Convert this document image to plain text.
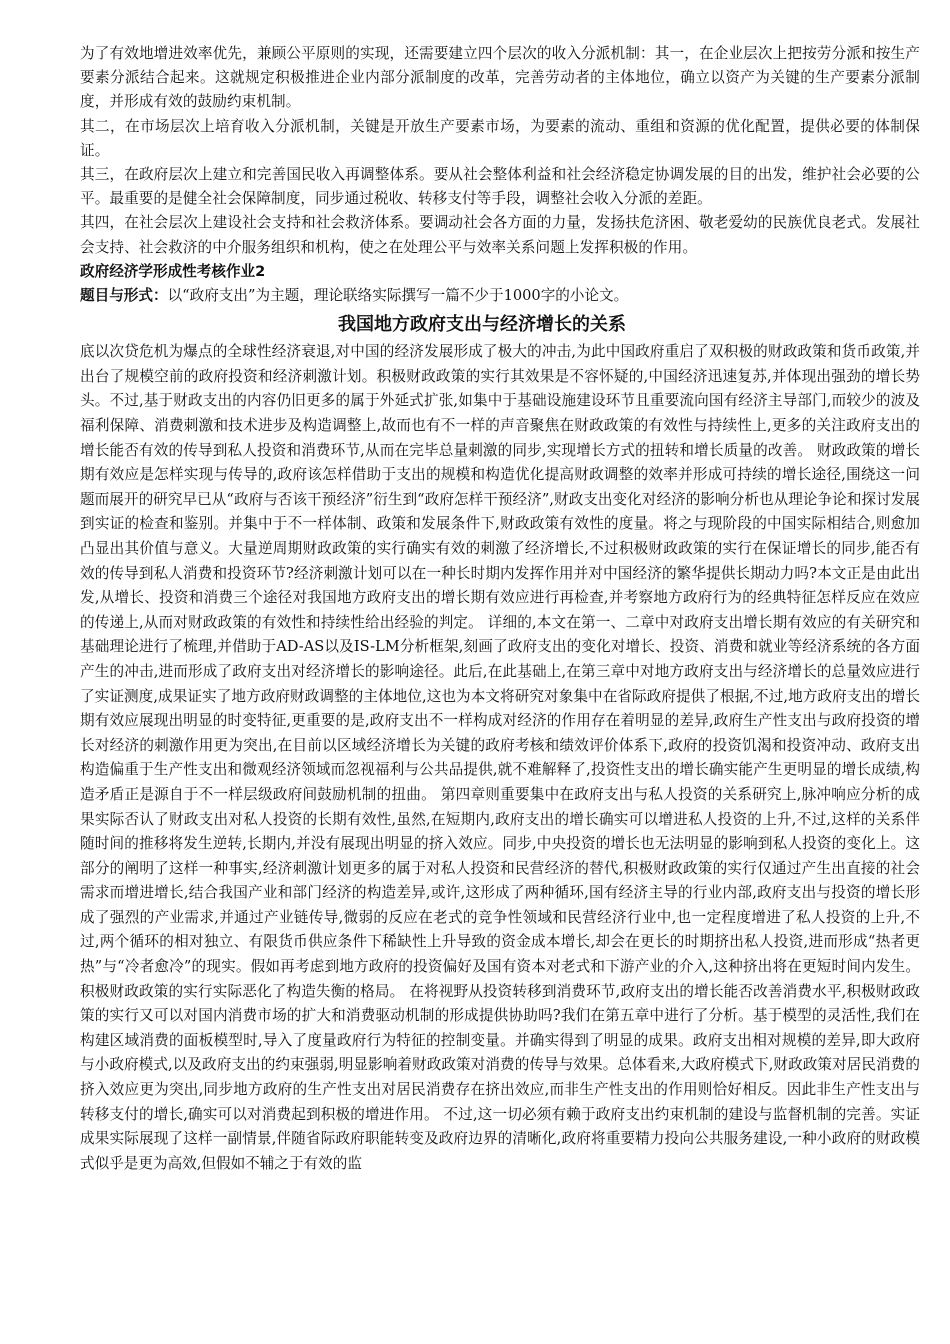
为了有效地增进效率优先，兼顾公平原则的实现，还需要建立四个层次的收入分派机制：其一，在企业层次上把按劳分派和按生产要素分派结合起来。这就规定积极推进企业内部分派制度的改革，完善劳动者的主体地位，确立以资产为关键的生产要素分派制度，并形成有效的鼓励约束机制。

其二，在市场层次上培育收入分派机制，关键是开放生产要素市场，为要素的流动、重组和资源的优化配置，提供必要的体制保证。

其三，在政府层次上建立和完善国民收入再调整体系。要从社会整体利益和社会经济稳定协调发展的目的出发，维护社会必要的公平。最重要的是健全社会保障制度，同步通过税收、转移支付等手段，调整社会收入分派的差距。

其四，在社会层次上建设社会支持和社会救济体系。要调动社会各方面的力量，发扬扶危济困、敬老爱幼的民族优良老式。发展社会支持、社会救济的中介服务组织和机构，使之在处理公平与效率关系问题上发挥积极的作用。

政府经济学形成性考核作业2

题目与形式：以“政府支出”为主题，理论联络实际撰写一篇不少于1000字的小论文。

我国地方政府支出与经济增长的关系

底以次贷危机为爆点的全球性经济衰退,对中国的经济发展形成了极大的冲击,为此中国政府重启了双积极的财政政策和货币政策,并出台了规模空前的政府投资和经济刺激计划。积极财政政策的实行其效果是不容怀疑的,中国经济迅速复苏,并体现出强劲的增长势头。不过,基于财政支出的内容仍旧更多的属于外延式扩张,如集中于基础设施建设环节且重要流向国有经济主导部门,而较少的波及福利保障、消费刺激和技术进步及构造调整上,故而也有不一样的声音聚焦在财政政策的有效性与持续性上,更多的关注政府支出的增长能否有效的传导到私人投资和消费环节,从而在完毕总量刺激的同步,实现增长方式的扭转和增长质量的改善。 财政政策的增长期有效应是怎样实现与传导的,政府该怎样借助于支出的规模和构造优化提高财政调整的效率并形成可持续的增长途径,围绕这一问题而展开的研究早已从“政府与否该干预经济”衍生到“政府怎样干预经济”,财政支出变化对经济的影响分析也从理论争论和探讨发展到实证的检查和鉴别。并集中于不一样体制、政策和发展条件下,财政政策有效性的度量。将之与现阶段的中国实际相结合,则愈加凸显出其价值与意义。大量逆周期财政政策的实行确实有效的刺激了经济增长,不过积极财政政策的实行在保证增长的同步,能否有效的传导到私人消费和投资环节?经济刺激计划可以在一种长时期内发挥作用并对中国经济的繁华提供长期动力吗?本文正是由此出发,从增长、投资和消费三个途径对我国地方政府支出的增长期有效应进行再检查,并考察地方政府行为的经典特征怎样反应在效应的传递上,从而对财政政策的有效性和持续性给出经验的判定。 详细的,本文在第一、二章中对政府支出增长期有效应的有关研究和基础理论进行了梳理,并借助于AD-AS以及IS-LM分析框架,刻画了政府支出的变化对增长、投资、消费和就业等经济系统的各方面产生的冲击,进而形成了政府支出对经济增长的影响途径。此后,在此基础上,在第三章中对地方政府支出与经济增长的总量效应进行了实证测度,成果证实了地方政府财政调整的主体地位,这也为本文将研究对象集中在省际政府提供了根据,不过,地方政府支出的增长期有效应展现出明显的时变特征,更重要的是,政府支出不一样构成对经济的作用存在着明显的差异,政府生产性支出与政府投资的增长对经济的刺激作用更为突出,在目前以区域经济增长为关键的政府考核和绩效评价体系下,政府的投资饥渴和投资冲动、政府支出构造偏重于生产性支出和微观经济领域而忽视福利与公共品提供,就不难解释了,投资性支出的增长确实能产生更明显的增长成绩,构造矛盾正是源自于不一样层级政府间鼓励机制的扭曲。 第四章则重要集中在政府支出与私人投资的关系研究上,脉冲响应分析的成果实际否认了财政支出对私人投资的长期有效性,虽然,在短期内,政府支出的增长确实可以增进私人投资的上升,不过,这样的关系伴随时间的推移将发生逆转,长期内,并没有展现出明显的挤入效应。同步,中央投资的增长也无法明显的影响到私人投资的变化上。这部分的阐明了这样一种事实,经济刺激计划更多的属于对私人投资和民营经济的替代,积极财政政策的实行仅通过产生出直接的社会需求而增进增长,结合我国产业和部门经济的构造差异,或许,这形成了两种循环,国有经济主导的行业内部,政府支出与投资的增长形成了强烈的产业需求,并通过产业链传导,微弱的反应在老式的竞争性领域和民营经济行业中,也一定程度增进了私人投资的上升,不过,两个循环的相对独立、有限货币供应条件下稀缺性上升导致的资金成本增长,却会在更长的时期挤出私人投资,进而形成“热者更热”与“冷者愈冷”的现实。假如再考虑到地方政府的投资偏好及国有资本对老式和下游产业的介入,这种挤出将在更短时间内发生。积极财政政策的实行实际恶化了构造失衡的格局。 在将视野从投资转移到消费环节,政府支出的增长能否改善消费水平,积极财政政策的实行又可以对国内消费市场的扩大和消费驱动机制的形成提供协助吗?我们在第五章中进行了分析。基于模型的灵活性,我们在构建区域消费的面板模型时,导入了度量政府行为特征的控制变量。并确实得到了明显的成果。政府支出相对规模的差异,即大政府与小政府模式,以及政府支出的约束强弱,明显影响着财政政策对消费的传导与效果。总体看来,大政府模式下,财政政策对居民消费的挤入效应更为突出,同步地方政府的生产性支出对居民消费存在挤出效应,而非生产性支出的作用则恰好相反。因此非生产性支出与转移支付的增长,确实可以对消费起到积极的增进作用。 不过,这一切必须有赖于政府支出约束机制的建设与监督机制的完善。实证成果实际展现了这样一副情景,伴随省际政府职能转变及政府边界的清晰化,政府将重要精力投向公共服务建设,一种小政府的财政模式似乎是更为高效,但假如不辅之于有效的监
